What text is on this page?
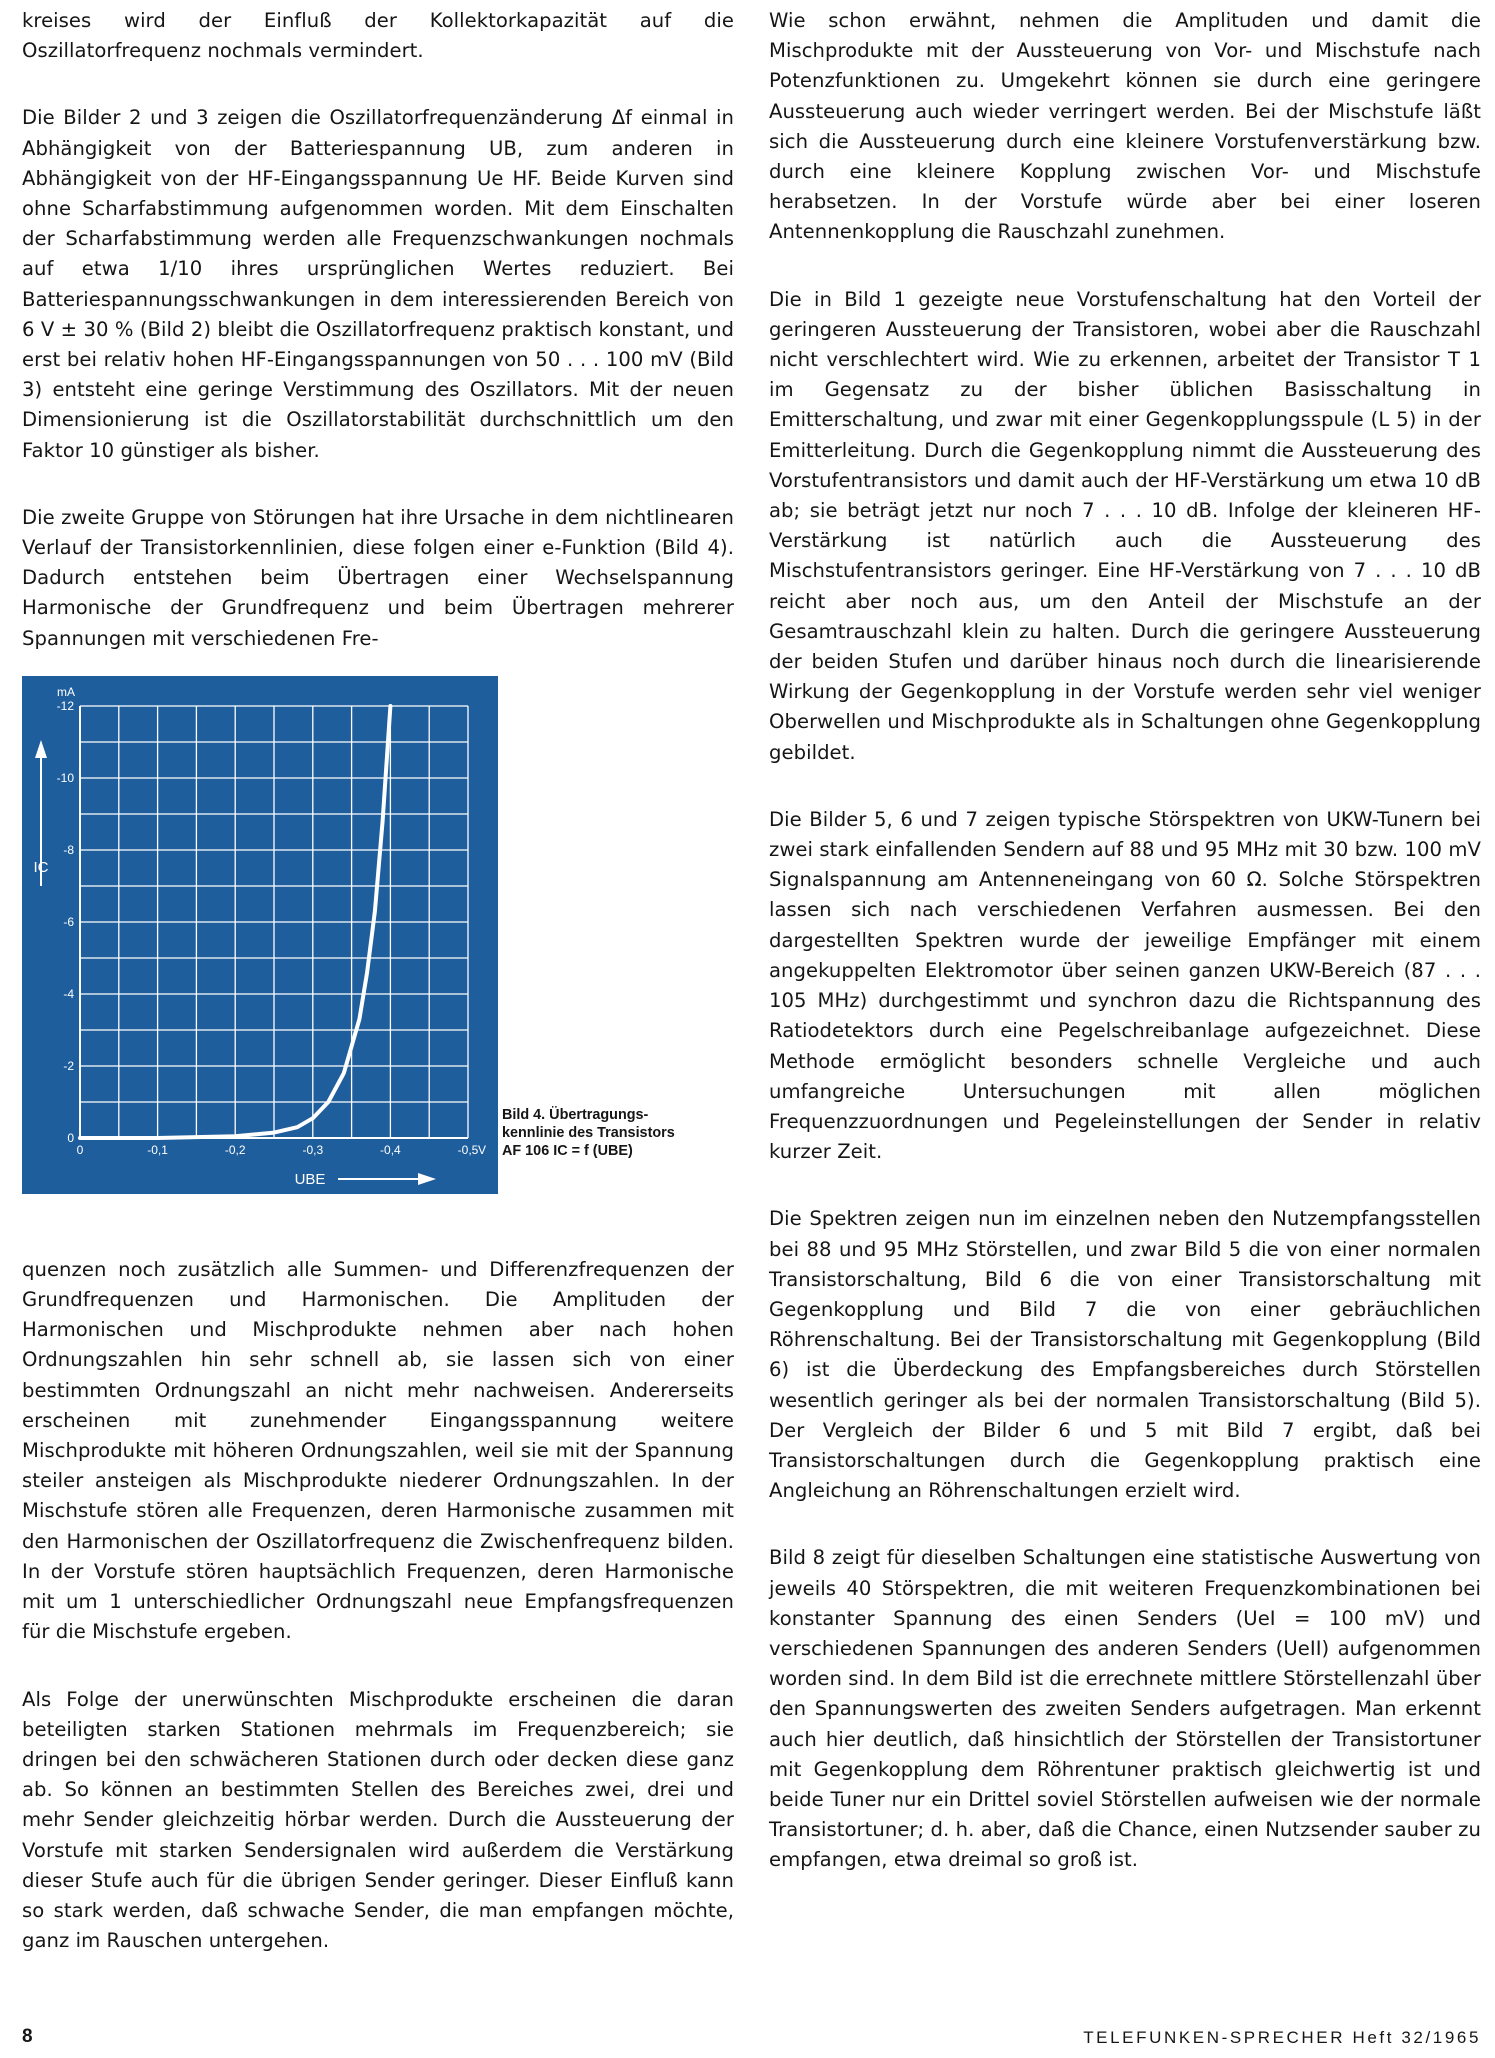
kreises wird der Einfluß der Kollektorkapazität auf die Oszillatorfrequenz nochmals vermindert.

Die Bilder 2 und 3 zeigen die Oszillatorfrequenzänderung Δf einmal in Abhängigkeit von der Batteriespannung UB, zum anderen in Abhängigkeit von der HF-Eingangsspannung Ue HF. Beide Kurven sind ohne Scharfabstimmung aufgenommen worden. Mit dem Einschalten der Scharfabstimmung werden alle Frequenzschwankungen nochmals auf etwa 1/10 ihres ursprünglichen Wertes reduziert. Bei Batteriespannungsschwankungen in dem interessierenden Bereich von 6 V ± 30 % (Bild 2) bleibt die Oszillatorfrequenz praktisch konstant, und erst bei relativ hohen HF-Eingangsspannungen von 50 . . . 100 mV (Bild 3) entsteht eine geringe Verstimmung des Oszillators. Mit der neuen Dimensionierung ist die Oszillatorstabilität durchschnittlich um den Faktor 10 günstiger als bisher.

Die zweite Gruppe von Störungen hat ihre Ursache in dem nichtlinearen Verlauf der Transistorkennlinien, diese folgen einer e-Funktion (Bild 4). Dadurch entstehen beim Übertragen einer Wechselspannung Harmonische der Grundfrequenz und beim Übertragen mehrerer Spannungen mit verschiedenen Fre-

0
-2
-4
-6
-8
-10
-12
0	-0,1	-0,2	-0,3	-0,4	-0,5
mA
V
IC
UBE
Bild 4. Übertragungs-
kennlinie des Transistors
AF 106 IC = f (UBE)

quenzen noch zusätzlich alle Summen- und Differenzfrequenzen der Grundfrequenzen und Harmonischen. Die Amplituden der Harmonischen und Mischprodukte nehmen aber nach hohen Ordnungszahlen hin sehr schnell ab, sie lassen sich von einer bestimmten Ordnungszahl an nicht mehr nachweisen. Andererseits erscheinen mit zunehmender Eingangsspannung weitere Mischprodukte mit höheren Ordnungszahlen, weil sie mit der Spannung steiler ansteigen als Mischprodukte niederer Ordnungszahlen. In der Mischstufe stören alle Frequenzen, deren Harmonische zusammen mit den Harmonischen der Oszillatorfrequenz die Zwischenfrequenz bilden. In der Vorstufe stören hauptsächlich Frequenzen, deren Harmonische mit um 1 unterschiedlicher Ordnungszahl neue Empfangsfrequenzen für die Mischstufe ergeben.

Als Folge der unerwünschten Mischprodukte erscheinen die daran beteiligten starken Stationen mehrmals im Frequenzbereich; sie dringen bei den schwächeren Stationen durch oder decken diese ganz ab. So können an bestimmten Stellen des Bereiches zwei, drei und mehr Sender gleichzeitig hörbar werden. Durch die Aussteuerung der Vorstufe mit starken Sendersignalen wird außerdem die Verstärkung dieser Stufe auch für die übrigen Sender geringer. Dieser Einfluß kann so stark werden, daß schwache Sender, die man empfangen möchte, ganz im Rauschen untergehen.

Wie schon erwähnt, nehmen die Amplituden und damit die Mischprodukte mit der Aussteuerung von Vor- und Mischstufe nach Potenzfunktionen zu. Umgekehrt können sie durch eine geringere Aussteuerung auch wieder verringert werden. Bei der Mischstufe läßt sich die Aussteuerung durch eine kleinere Vorstufenverstärkung bzw. durch eine kleinere Kopplung zwischen Vor- und Mischstufe herabsetzen. In der Vorstufe würde aber bei einer loseren Antennenkopplung die Rauschzahl zunehmen.

Die in Bild 1 gezeigte neue Vorstufenschaltung hat den Vorteil der geringeren Aussteuerung der Transistoren, wobei aber die Rauschzahl nicht verschlechtert wird. Wie zu erkennen, arbeitet der Transistor T 1 im Gegensatz zu der bisher üblichen Basisschaltung in Emitterschaltung, und zwar mit einer Gegenkopplungsspule (L 5) in der Emitterleitung. Durch die Gegenkopplung nimmt die Aussteuerung des Vorstufentransistors und damit auch der HF-Verstärkung um etwa 10 dB ab; sie beträgt jetzt nur noch 7 . . . 10 dB. Infolge der kleineren HF-Verstärkung ist natürlich auch die Aussteuerung des Mischstufentransistors geringer. Eine HF-Verstärkung von 7 . . . 10 dB reicht aber noch aus, um den Anteil der Mischstufe an der Gesamtrauschzahl klein zu halten. Durch die geringere Aussteuerung der beiden Stufen und darüber hinaus noch durch die linearisierende Wirkung der Gegenkopplung in der Vorstufe werden sehr viel weniger Oberwellen und Mischprodukte als in Schaltungen ohne Gegenkopplung gebildet.

Die Bilder 5, 6 und 7 zeigen typische Störspektren von UKW-Tunern bei zwei stark einfallenden Sendern auf 88 und 95 MHz mit 30 bzw. 100 mV Signalspannung am Antenneneingang von 60 Ω. Solche Störspektren lassen sich nach verschiedenen Verfahren ausmessen. Bei den dargestellten Spektren wurde der jeweilige Empfänger mit einem angekuppelten Elektromotor über seinen ganzen UKW-Bereich (87 . . . 105 MHz) durchgestimmt und synchron dazu die Richtspannung des Ratiodetektors durch eine Pegelschreibanlage aufgezeichnet. Diese Methode ermöglicht besonders schnelle Vergleiche und auch umfangreiche Untersuchungen mit allen möglichen Frequenzzuordnungen und Pegeleinstellungen der Sender in relativ kurzer Zeit.

Die Spektren zeigen nun im einzelnen neben den Nutzempfangsstellen bei 88 und 95 MHz Störstellen, und zwar Bild 5 die von einer normalen Transistorschaltung, Bild 6 die von einer Transistorschaltung mit Gegenkopplung und Bild 7 die von einer gebräuchlichen Röhrenschaltung. Bei der Transistorschaltung mit Gegenkopplung (Bild 6) ist die Überdeckung des Empfangsbereiches durch Störstellen wesentlich geringer als bei der normalen Transistorschaltung (Bild 5). Der Vergleich der Bilder 6 und 5 mit Bild 7 ergibt, daß bei Transistorschaltungen durch die Gegenkopplung praktisch eine Angleichung an Röhrenschaltungen erzielt wird.

Bild 8 zeigt für dieselben Schaltungen eine statistische Auswertung von jeweils 40 Störspektren, die mit weiteren Frequenzkombinationen bei konstanter Spannung des einen Senders (UeI = 100 mV) und verschiedenen Spannungen des anderen Senders (UeII) aufgenommen worden sind. In dem Bild ist die errechnete mittlere Störstellenzahl über den Spannungswerten des zweiten Senders aufgetragen. Man erkennt auch hier deutlich, daß hinsichtlich der Störstellen der Transistortuner mit Gegenkopplung dem Röhrentuner praktisch gleichwertig ist und beide Tuner nur ein Drittel soviel Störstellen aufweisen wie der normale Transistortuner; d. h. aber, daß die Chance, einen Nutzsender sauber zu empfangen, etwa dreimal so groß ist.

8	TELEFUNKEN-SPRECHER Heft 32/1965
